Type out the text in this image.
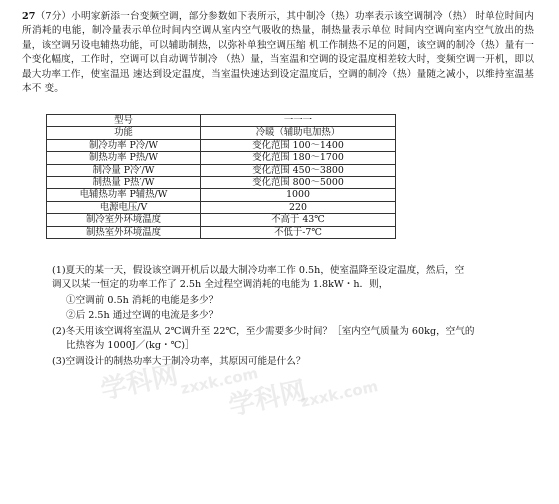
27（7分）小明家新添一台变频空调，部分参数如下表所示，其中制冷（热）功率表示该空调制冷（热） 时单位时间内所消耗的电能，制冷量表示单位时间内空调从室内空气吸收的热量，制热量表示单位 时间内空调向室内空气放出的热量，该空调另设电辅热功能，可以辅助制热，以弥补单独空调压缩 机工作制热不足的问题，该空调的制冷（热）量有一个变化幅度，工作时，空调可以自动调节制冷 （热）量，当室温和空调的设定温度相差较大时，变频空调一开机，即以最大功率工作，使室温迅 速达到设定温度，当室温快速达到设定温度后，空调的制冷（热）量随之减小，以维持室温基本不 变。
型号	一一一
功能	冷暖（辅助电加热）
制冷功率 P冷/W	变化范围 100～1400
制热功率 P热/W	变化范围 180～1700
制冷量 P冷′/W	变化范围 450～3800
制热量 P热′/W	变化范围 800～5000
电辅热功率 P辅热/W	1000
电源电压/V	220
制冷室外环境温度	不高于 43℃
制热室外环境温度	不低于-7℃
(1)夏天的某一天，假设该空调开机后以最大制冷功率工作 0.5h，使室温降至设定温度，然后，空
调又以某一恒定的功率工作了 2.5h 全过程空调消耗的电能为 1.8kW・h．则，
①空调前 0.5h 消耗的电能是多少？
②后 2.5h 通过空调的电流是多少？
(2)冬天用该空调将室温从 2℃调升至 22℃，至少需要多少时间？［室内空气质量为 60kg，空气的
比热容为 1000J／(kg・℃)］
(3)空调设计的制热功率大于制冷功率，其原因可能是什么？
学科网
zxxk.com
学科网
zxxk.com
